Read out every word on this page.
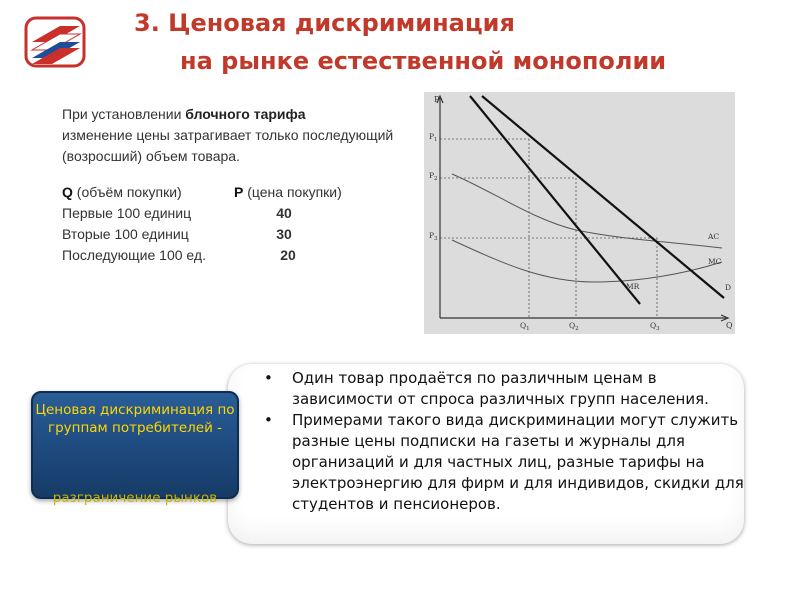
3. Ценовая дискриминация
на рынке естественной монополии
При установлении блочного тарифа
изменение цены затрагивает только последующий (возросший) объем товара.
Q (объём покупки)	P (цена покупки)
Первые 100 единиц	40
Вторые 100 единиц	30
Последующие 100 ед.	20
P
Q
$P_1$
$P_2$
$P_3$
$Q_1$	$Q_2$	$Q_3$
AC
MC
MR	D
• Один товар продаётся по различным ценам в зависимости от спроса различных групп населения.
• Примерами такого вида дискриминации могут служить разные цены подписки на газеты и журналы для организаций и для частных лиц, разные тарифы на электроэнергию для фирм и для индивидов, скидки для студентов и пенсионеров.
Ценовая дискриминация по группам потребителей -
разграничение рынков
